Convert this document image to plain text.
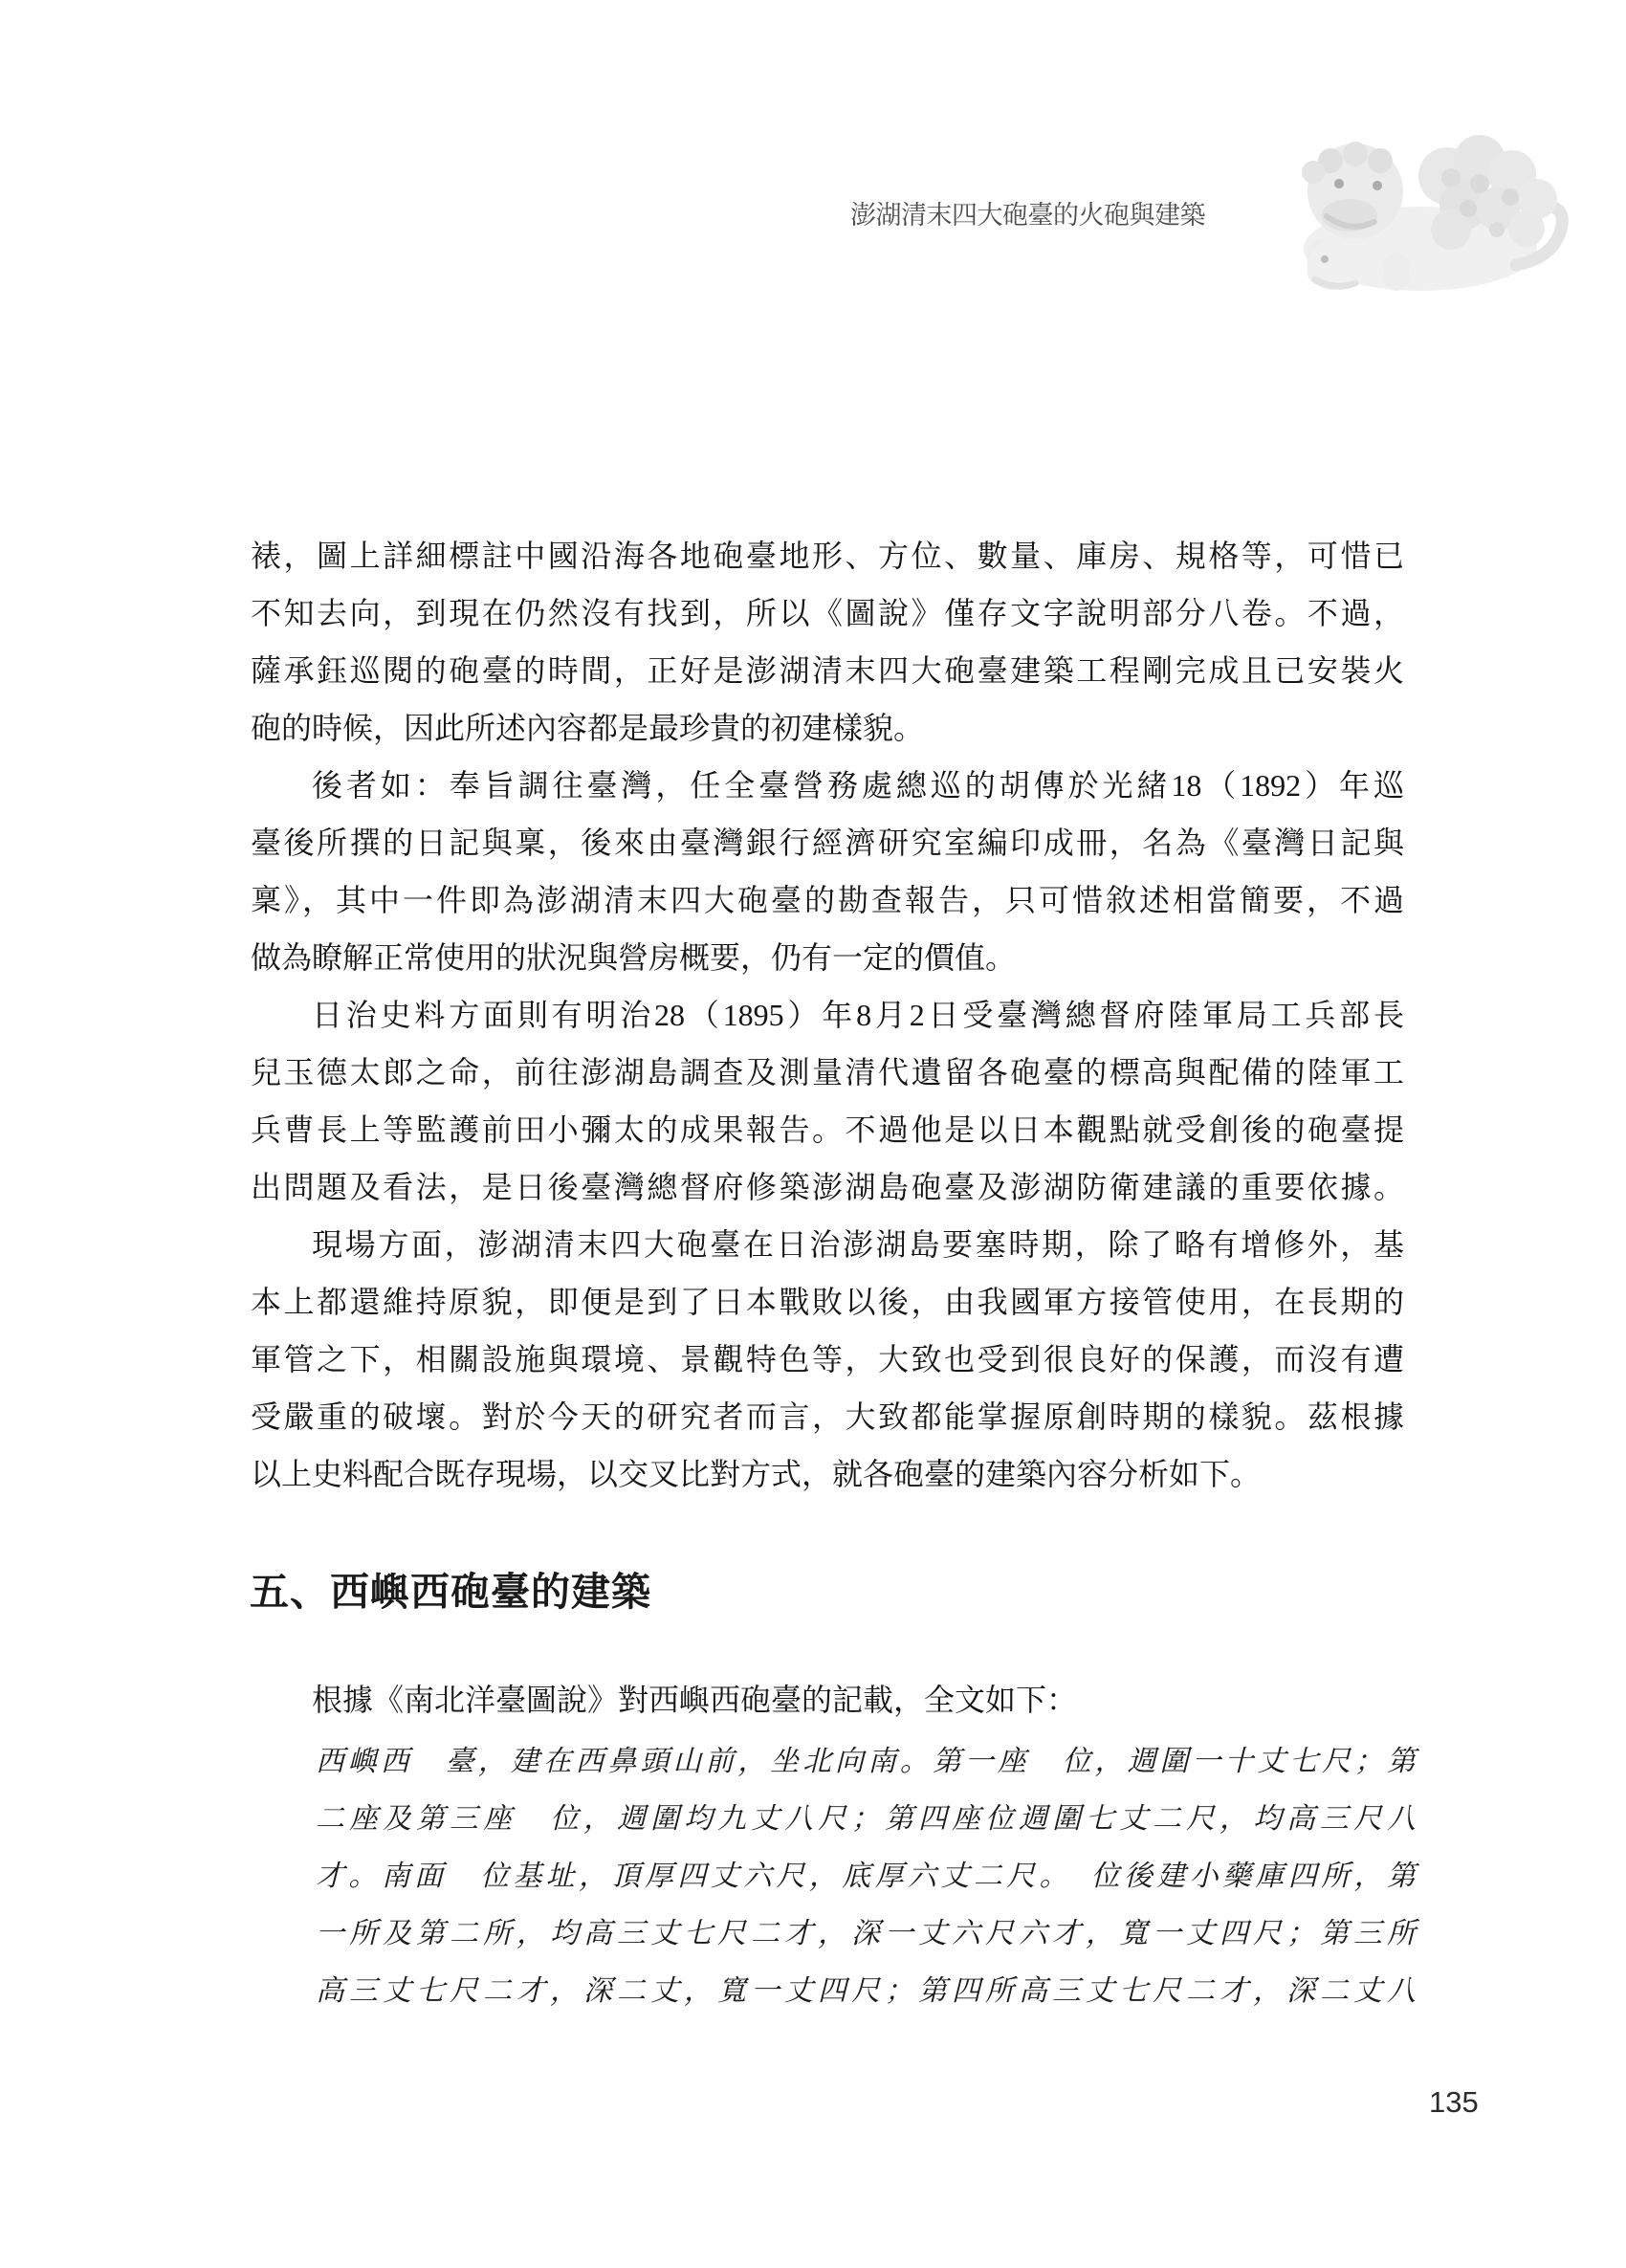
澎湖清末四大砲臺的火砲與建築
裱，圖上詳細標註中國沿海各地砲臺地形、方位、數量、庫房、規格等，可惜已
不知去向，到現在仍然沒有找到，所以《圖說》僅存文字說明部分八卷。不過，
薩承鈺巡閱的砲臺的時間，正好是澎湖清末四大砲臺建築工程剛完成且已安裝火
砲的時候，因此所述內容都是最珍貴的初建樣貌。
後者如：奉旨調往臺灣，任全臺營務處總巡的胡傳於光緒18（1892）年巡
臺後所撰的日記與稟，後來由臺灣銀行經濟研究室編印成冊，名為《臺灣日記與
稟》，其中一件即為澎湖清末四大砲臺的勘查報告，只可惜敘述相當簡要，不過
做為瞭解正常使用的狀況與營房概要，仍有一定的價值。
日治史料方面則有明治28（1895）年8月2日受臺灣總督府陸軍局工兵部長
兒玉德太郎之命，前往澎湖島調查及測量清代遺留各砲臺的標高與配備的陸軍工
兵曹長上等監護前田小彌太的成果報告。不過他是以日本觀點就受創後的砲臺提
出問題及看法，是日後臺灣總督府修築澎湖島砲臺及澎湖防衛建議的重要依據。
現場方面，澎湖清末四大砲臺在日治澎湖島要塞時期，除了略有增修外，基
本上都還維持原貌，即便是到了日本戰敗以後，由我國軍方接管使用，在長期的
軍管之下，相關設施與環境、景觀特色等，大致也受到很良好的保護，而沒有遭
受嚴重的破壞。對於今天的研究者而言，大致都能掌握原創時期的樣貌。茲根據
以上史料配合既存現場，以交叉比對方式，就各砲臺的建築內容分析如下。
五、西嶼西砲臺的建築
根據《南北洋臺圖說》對西嶼西砲臺的記載，全文如下：
西嶼西　臺，建在西鼻頭山前，坐北向南。第一座　位，週圍一十丈七尺；第
二座及第三座　位，週圍均九丈八尺；第四座位週圍七丈二尺，均高三尺八
才。南面　位基址，頂厚四丈六尺，底厚六丈二尺。　位後建小藥庫四所，第
一所及第二所，均高三丈七尺二才，深一丈六尺六才，寬一丈四尺；第三所
高三丈七尺二才，深二丈，寬一丈四尺；第四所高三丈七尺二才，深二丈八
135
